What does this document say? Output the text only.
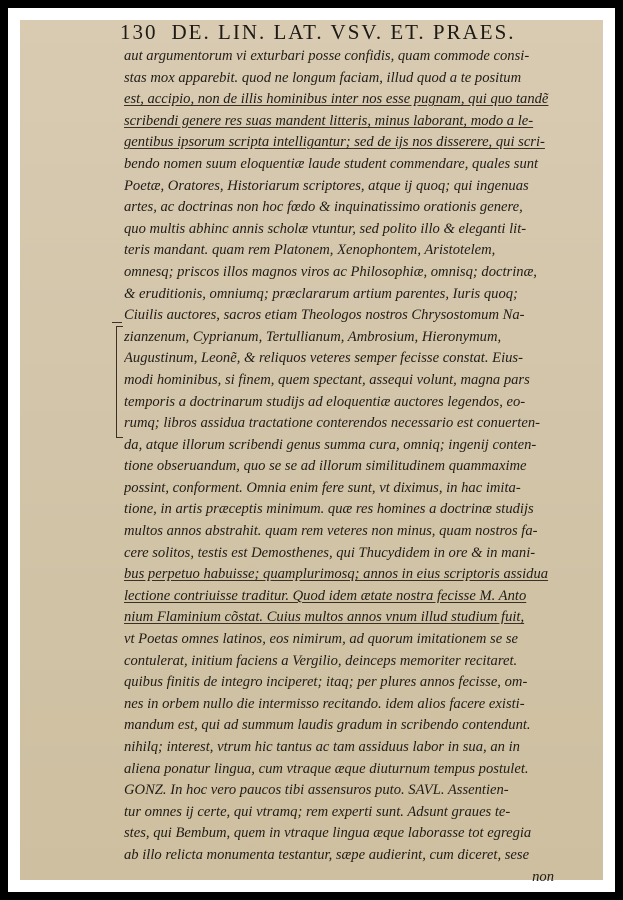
130 DE. LIN. LAT. VSV. ET. PRAES.
aut argumentorum vi exturbari posse confidis, quam commode consi-
stas mox apparebit. quod ne longum faciam, illud quod a te positum
est, accipio, non de illis hominibus inter nos esse pugnam, qui quo tandẽ
scribendi genere res suas mandent litteris, minus laborant, modo a le-
gentibus ipsorum scripta intelligantur; sed de ijs nos disserere, qui scri-
bendo nomen suum eloquentiæ laude student commendare, quales sunt
Poetæ, Oratores, Historiarum scriptores, atque ij quoq; qui ingenuas
artes, ac doctrinas non hoc fœdo & inquinatissimo orationis genere,
quo multis abhinc annis scholæ vtuntur, sed polito illo & eleganti lit-
teris mandant. quam rem Platonem, Xenophontem, Aristotelem,
omnesq; priscos illos magnos viros ac Philosophiæ, omnisq; doctrinæ,
& eruditionis, omniumq; præclararum artium parentes, Iuris quoq;
Ciuilis auctores, sacros etiam Theologos nostros Chrysostomum Na-
zianzenum, Cyprianum, Tertullianum, Ambrosium, Hieronymum,
Augustinum, Leonẽ, & reliquos veteres semper fecisse constat. Eius-
modi hominibus, si finem, quem spectant, assequi volunt, magna pars
temporis a doctrinarum studijs ad eloquentiæ auctores legendos, eo-
rumq; libros assidua tractatione conterendos necessario est conuerten-
da, atque illorum scribendi genus summa cura, omniq; ingenij conten-
tione obseruandum, quo se se ad illorum similitudinem quammaxime
possint, conforment. Omnia enim fere sunt, vt diximus, in hac imita-
tione, in artis præceptis minimum. quæ res homines a doctrinæ studijs
multos annos abstrahit. quam rem veteres non minus, quam nostros fa-
cere solitos, testis est Demosthenes, qui Thucydidem in ore & in mani-
bus perpetuo habuisse; quamplurimosq; annos in eius scriptoris assidua
lectione contriuisse traditur. Quod idem ætate nostra fecisse M. Anto
nium Flaminium cõstat. Cuius multos annos vnum illud studium fuit,
vt Poetas omnes latinos, eos nimirum, ad quorum imitationem se se
contulerat, initium faciens a Vergilio, deinceps memoriter recitaret.
quibus finitis de integro inciperet; itaq; per plures annos fecisse, om-
nes in orbem nullo die intermisso recitando. idem alios facere existi-
mandum est, qui ad summum laudis gradum in scribendo contendunt.
nihilq; interest, vtrum hic tantus ac tam assiduus labor in sua, an in
aliena ponatur lingua, cum vtraque æque diuturnum tempus postulet.
GONZ. In hoc vero paucos tibi assensuros puto. SAVL. Assentien-
tur omnes ij certe, qui vtramq; rem experti sunt. Adsunt graues te-
stes, qui Bembum, quem in vtraque lingua æque laborasse tot egregia
ab illo relicta monumenta testantur, sæpe audierint, cum diceret, sese
non
